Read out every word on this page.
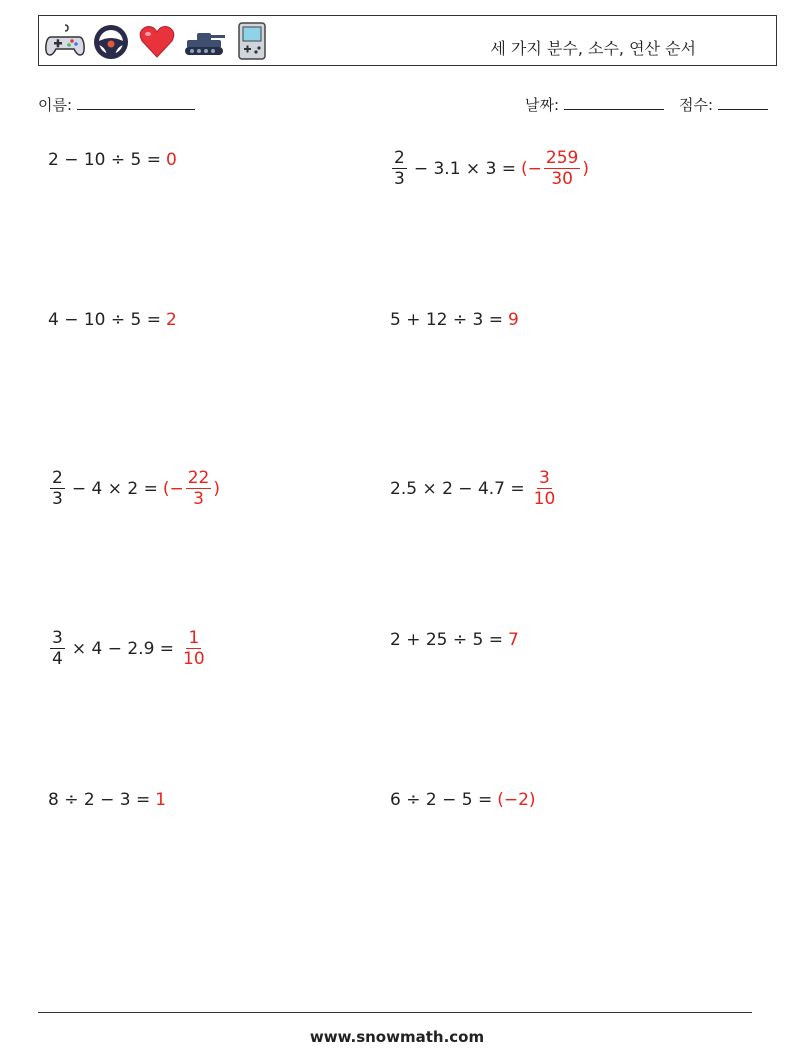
세 가지 분수, 소수, 연산 순서
이름:	날짜:	점수:
2 − 10 ÷ 5 = 0	$\frac{2}{3} - 3.1 \times 3$ = (− $\frac{259}{30}$ )
4 − 10 ÷ 5 = 2	5 + 12 ÷ 3 = 9
$\frac{2}{3} - 4 \times 2$ = (− $\frac{22}{3}$ )	$2.5 \times 2 - 4.7 = \frac{3}{10}$
$\frac{3}{4} \times 4 - 2.9 = \frac{1}{10}$	2 + 25 ÷ 5 = 7
8 ÷ 2 − 3 = 1	6 ÷ 2 − 5 = (−2)
www.snowmath.com
